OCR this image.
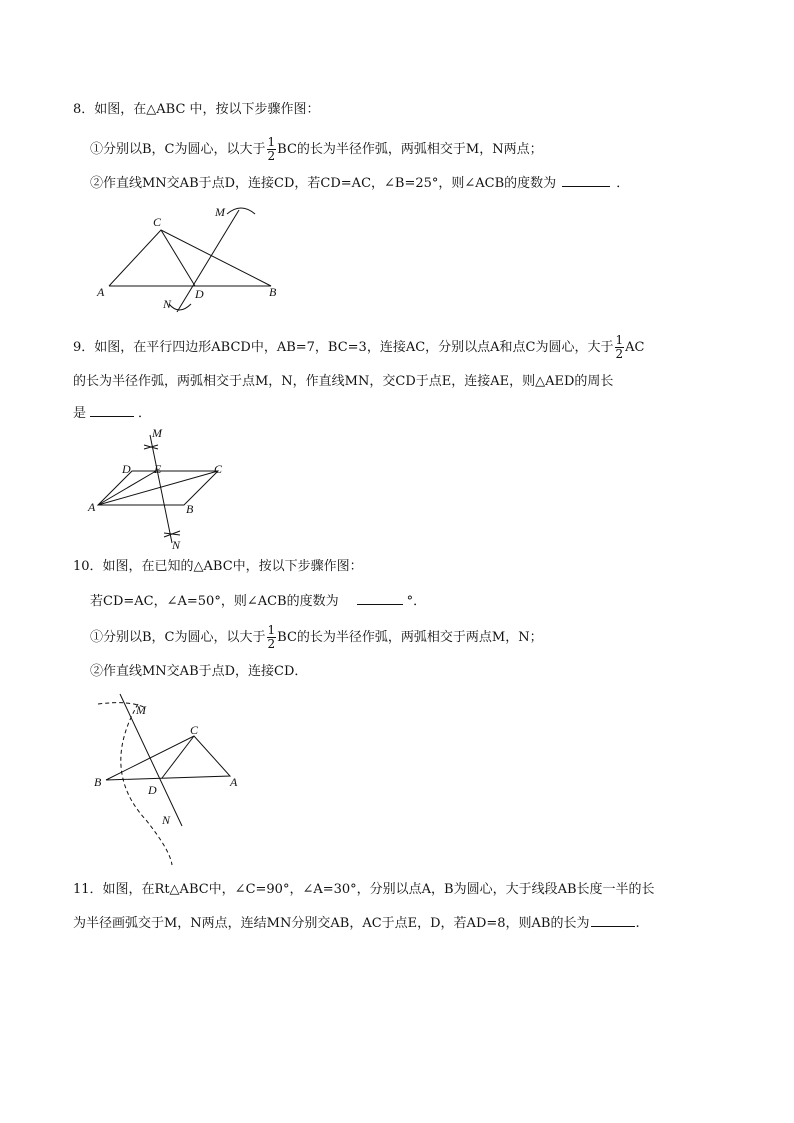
8．如图，在△ABC 中，按以下步骤作图：
①分别以B，C为圆心，以大于 $\frac{1}{2}$ BC的长为半径作弧，两弧相交于M，N两点；
②作直线MN交AB于点D，连接CD，若CD=AC，∠B=25°，则∠ACB的度数为	．
C
A	B
D
M
N
9．如图，在平行四边形ABCD中，AB=7，BC=3，连接AC，分别以点A和点C为圆心，大于 $\frac{1}{2}$ AC
的长为半径作弧，两弧相交于点M，N，作直线MN，交CD于点E，连接AE，则△AED的周长
是	．
M
D E	C
A	B
N
10．如图，在已知的△ABC中，按以下步骤作图：
若CD=AC，∠A=50°，则∠ACB的度数为	°．
①分别以B，C为圆心，以大于 $\frac{1}{2}$ BC的长为半径作弧，两弧相交于两点M，N；
②作直线MN交AB于点D，连接CD．
M
C
B
D
A
N
11．如图，在Rt△ABC中，∠C=90°，∠A=30°，分别以点A，B为圆心，大于线段AB长度一半的长
为半径画弧交于M，N两点，连结MN分别交AB，AC于点E，D，若AD=8，则AB的长为	.
